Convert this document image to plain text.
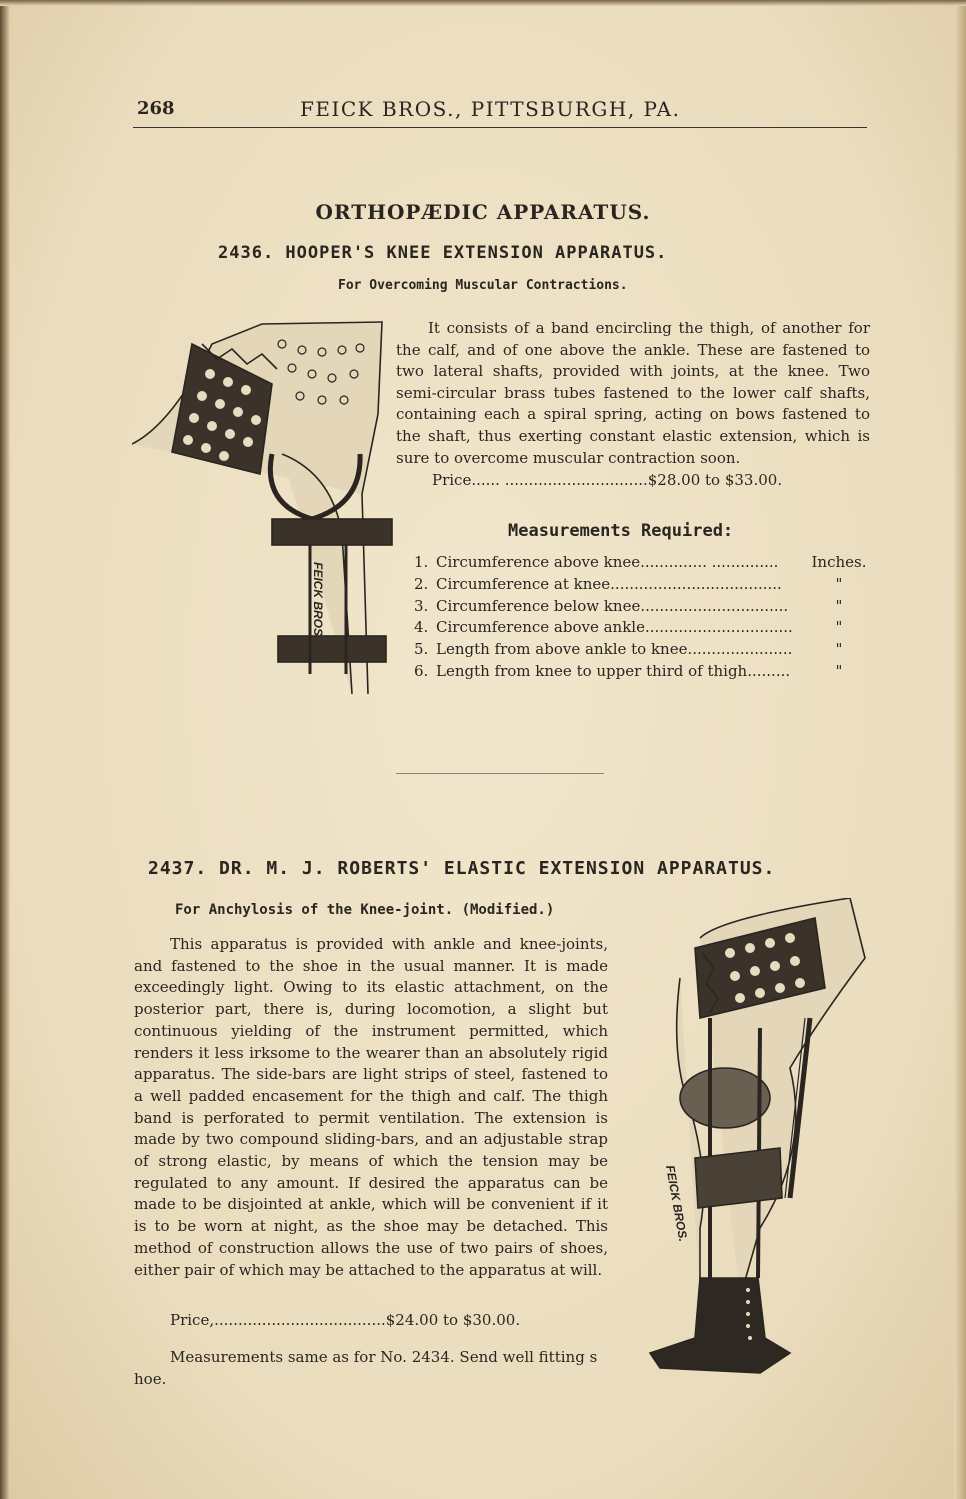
268	FEICK BROS., PITTSBURGH, PA.
ORTHOPÆDIC APPARATUS.
2436. HOOPER'S KNEE EXTENSION APPARATUS.
For Overcoming Muscular Contractions.
FEICK BROS.
It consists of a band encircling the thigh, of another for the calf, and of one above the ankle. These are fastened to two lateral shafts, provided with joints, at the knee. Two semi-circular brass tubes fastened to the lower calf shafts, containing each a spiral spring, acting on bows fastened to the shaft, thus exerting constant elastic extension, which is sure to overcome muscular contraction soon.
Price...... ..............................$28.00 to $33.00.
Measurements Required:
1. Circumference above knee.............. ..............	Inches.
2. Circumference at knee....................................	"
3. Circumference below knee...............................	"
4. Circumference above ankle...............................	"
5. Length from above ankle to knee......................	"
6. Length from knee to upper third of thigh.........	"
2437. DR. M. J. ROBERTS' ELASTIC EXTENSION APPARATUS.
For Anchylosis of the Knee-joint. (Modified.)
This apparatus is provided with ankle and knee-joints, and fastened to the shoe in the usual manner. It is made exceedingly light. Owing to its elastic attachment, on the posterior part, there is, during locomotion, a slight but continuous yielding of the instrument permitted, which renders it less irksome to the wearer than an absolutely rigid apparatus. The side-bars are light strips of steel, fastened to a well padded encasement for the thigh and calf. The thigh band is perforated to permit ventilation. The extension is made by two compound sliding-bars, and an adjustable strap of strong elastic, by means of which the tension may be regulated to any amount. If desired the apparatus can be made to be disjointed at ankle, which will be convenient if it is to be worn at night, as the shoe may be detached. This method of construction allows the use of two pairs of shoes, either pair of which may be attached to the apparatus at will.
Price,....................................$24.00 to $30.00.
Measurements same as for No. 2434. Send well fitting s hoe.
FEICK BROS.
